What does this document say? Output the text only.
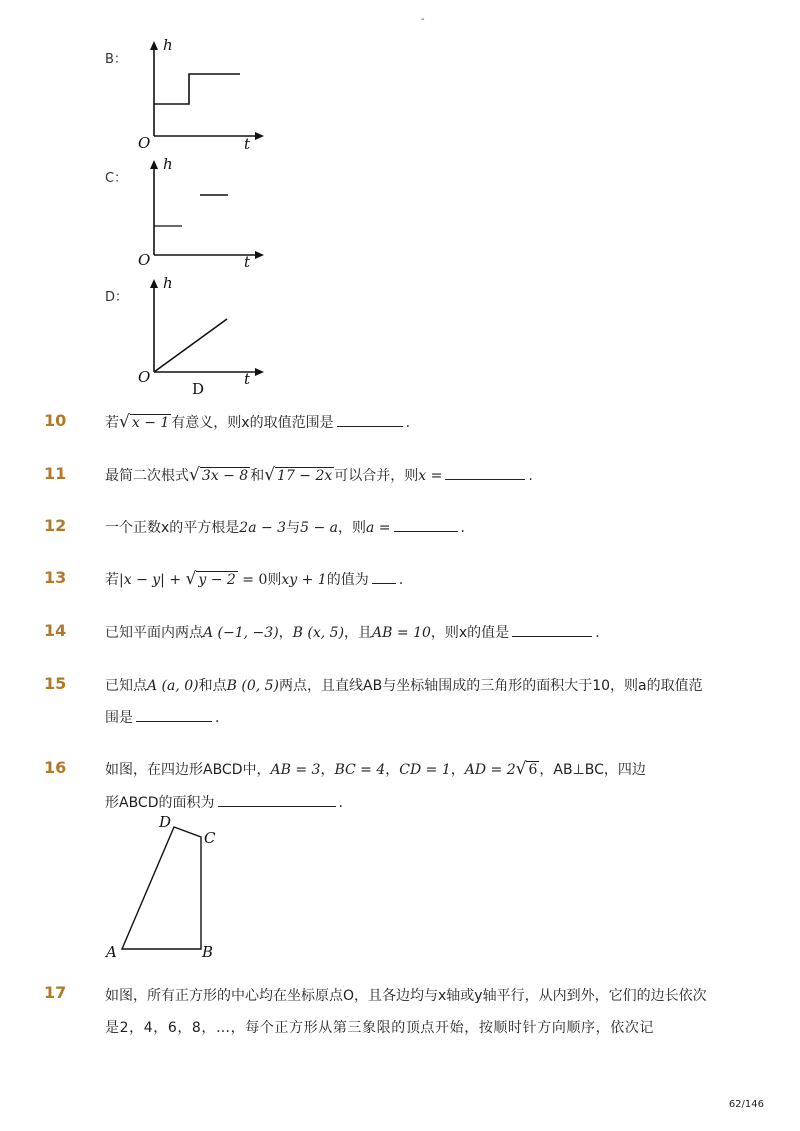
-
B：
h
O	t
C：
h
O	t
D：
h
O	t
D
10	若√ x − 1 有意义，则x的取值范围是	.
11	最简二次根式√ 3x − 8 和√ 17 − 2x 可以合并，则x =	.
12	一个正数x的平方根是2a − 3与5 − a，则a =	.
13	若|x − y| + √ y − 2 = 0则xy + 1的值为 .
14	已知平面内两点A (−1, −3)，B (x, 5)，且AB = 10，则x的值是	.
15	已知点A (a, 0)和点B (0, 5)两点，且直线AB与坐标轴围成的三角形的面积大于10，则a的取值范
围是	.
16	如图，在四边形ABCD中，AB = 3，BC = 4，CD = 1，AD = 2√ 6 ，AB⊥BC，四边
形ABCD的面积为	.
A	B
C
D
17	如图，所有正方形的中心均在坐标原点O，且各边均与x轴或y轴平行，从内到外，它们的边长依次
是2，4，6，8，…，每个正方形从第三象限的顶点开始，按顺时针方向顺序，依次记
62/146
